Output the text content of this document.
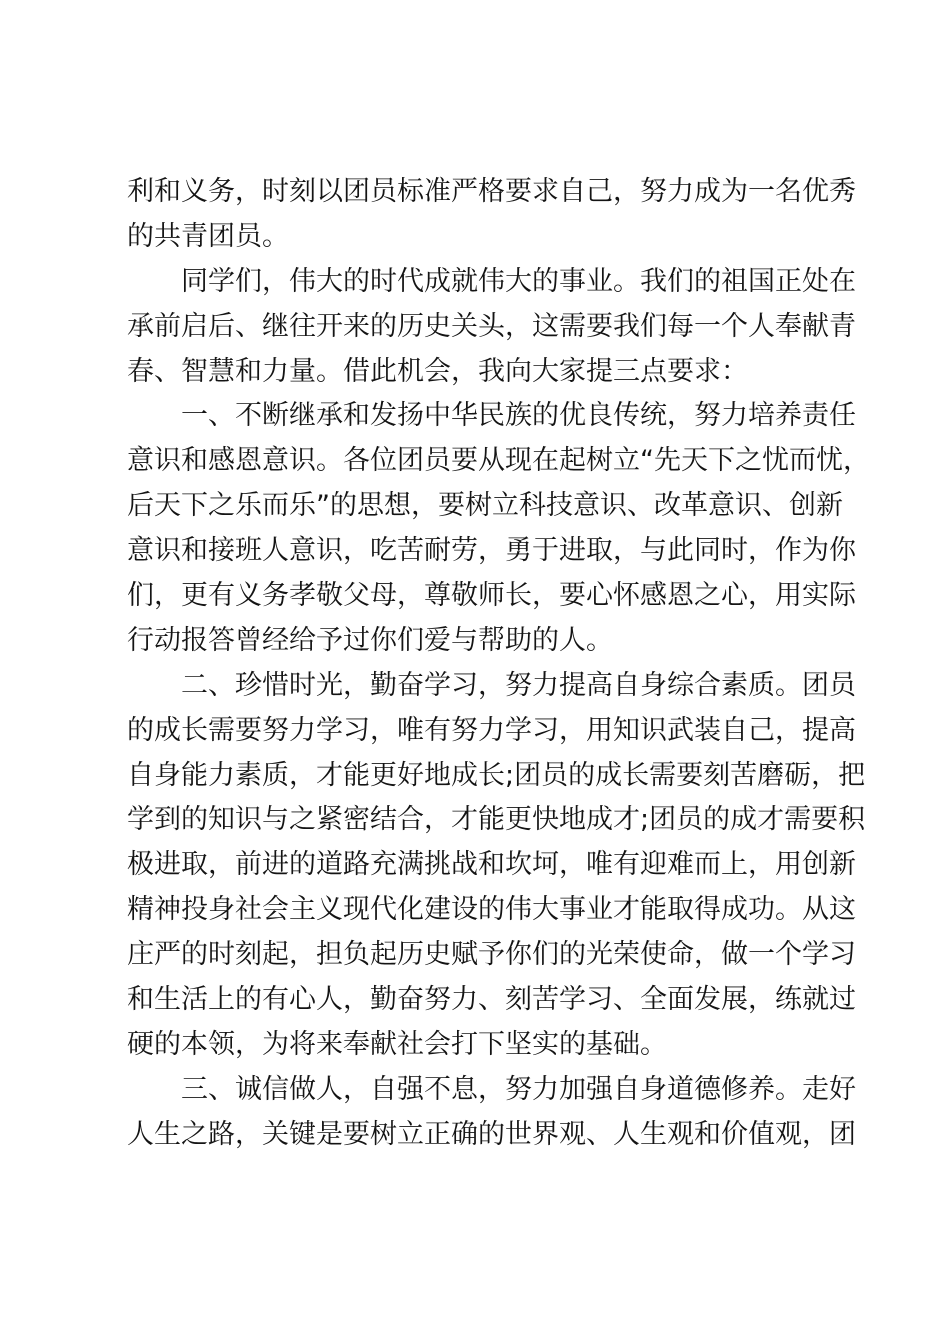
利和义务，时刻以团员标准严格要求自己，努力成为一名优秀
的共青团员。
同学们，伟大的时代成就伟大的事业。我们的祖国正处在
承前启后、继往开来的历史关头，这需要我们每一个人奉献青
春、智慧和力量。借此机会，我向大家提三点要求：
一、不断继承和发扬中华民族的优良传统，努力培养责任
意识和感恩意识。各位团员要从现在起树立“先天下之忧而忧，
后天下之乐而乐”的思想，要树立科技意识、改革意识、创新
意识和接班人意识，吃苦耐劳，勇于进取，与此同时，作为你
们，更有义务孝敬父母，尊敬师长，要心怀感恩之心，用实际
行动报答曾经给予过你们爱与帮助的人。
二、珍惜时光，勤奋学习，努力提高自身综合素质。团员
的成长需要努力学习，唯有努力学习，用知识武装自己，提高
自身能力素质，才能更好地成长;团员的成长需要刻苦磨砺，把
学到的知识与之紧密结合，才能更快地成才;团员的成才需要积
极进取，前进的道路充满挑战和坎坷，唯有迎难而上，用创新
精神投身社会主义现代化建设的伟大事业才能取得成功。从这
庄严的时刻起，担负起历史赋予你们的光荣使命，做一个学习
和生活上的有心人，勤奋努力、刻苦学习、全面发展，练就过
硬的本领，为将来奉献社会打下坚实的基础。
三、诚信做人，自强不息，努力加强自身道德修养。走好
人生之路，关键是要树立正确的世界观、人生观和价值观，团
